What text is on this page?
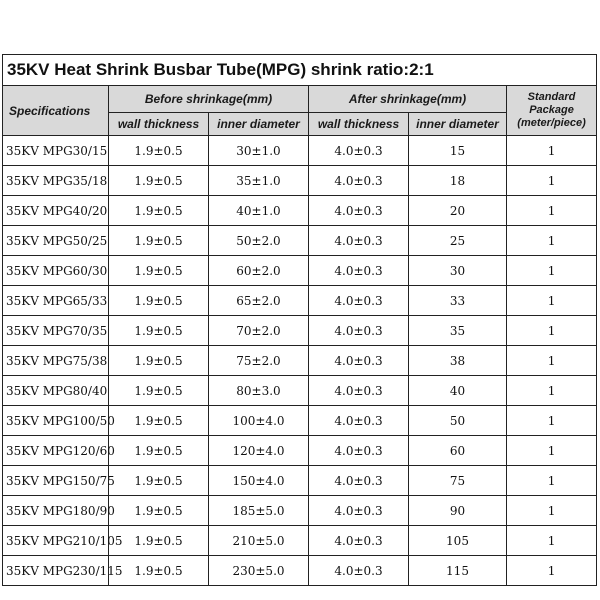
35KV Heat Shrink Busbar Tube(MPG) shrink ratio:2:1					
Specifications	Before shrinkage(mm)		After shrinkage(mm)		Standard Package (meter/piece)
	wall thickness	inner diameter	wall thickness	inner diameter	
35KV MPG30/15	1.9±0.5	30±1.0	4.0±0.3	15	1
35KV MPG35/18	1.9±0.5	35±1.0	4.0±0.3	18	1
35KV MPG40/20	1.9±0.5	40±1.0	4.0±0.3	20	1
35KV MPG50/25	1.9±0.5	50±2.0	4.0±0.3	25	1
35KV MPG60/30	1.9±0.5	60±2.0	4.0±0.3	30	1
35KV MPG65/33	1.9±0.5	65±2.0	4.0±0.3	33	1
35KV MPG70/35	1.9±0.5	70±2.0	4.0±0.3	35	1
35KV MPG75/38	1.9±0.5	75±2.0	4.0±0.3	38	1
35KV MPG80/40	1.9±0.5	80±3.0	4.0±0.3	40	1
35KV MPG100/50	1.9±0.5	100±4.0	4.0±0.3	50	1
35KV MPG120/60	1.9±0.5	120±4.0	4.0±0.3	60	1
35KV MPG150/75	1.9±0.5	150±4.0	4.0±0.3	75	1
35KV MPG180/90	1.9±0.5	185±5.0	4.0±0.3	90	1
35KV MPG210/105	1.9±0.5	210±5.0	4.0±0.3	105	1
35KV MPG230/115	1.9±0.5	230±5.0	4.0±0.3	115	1
